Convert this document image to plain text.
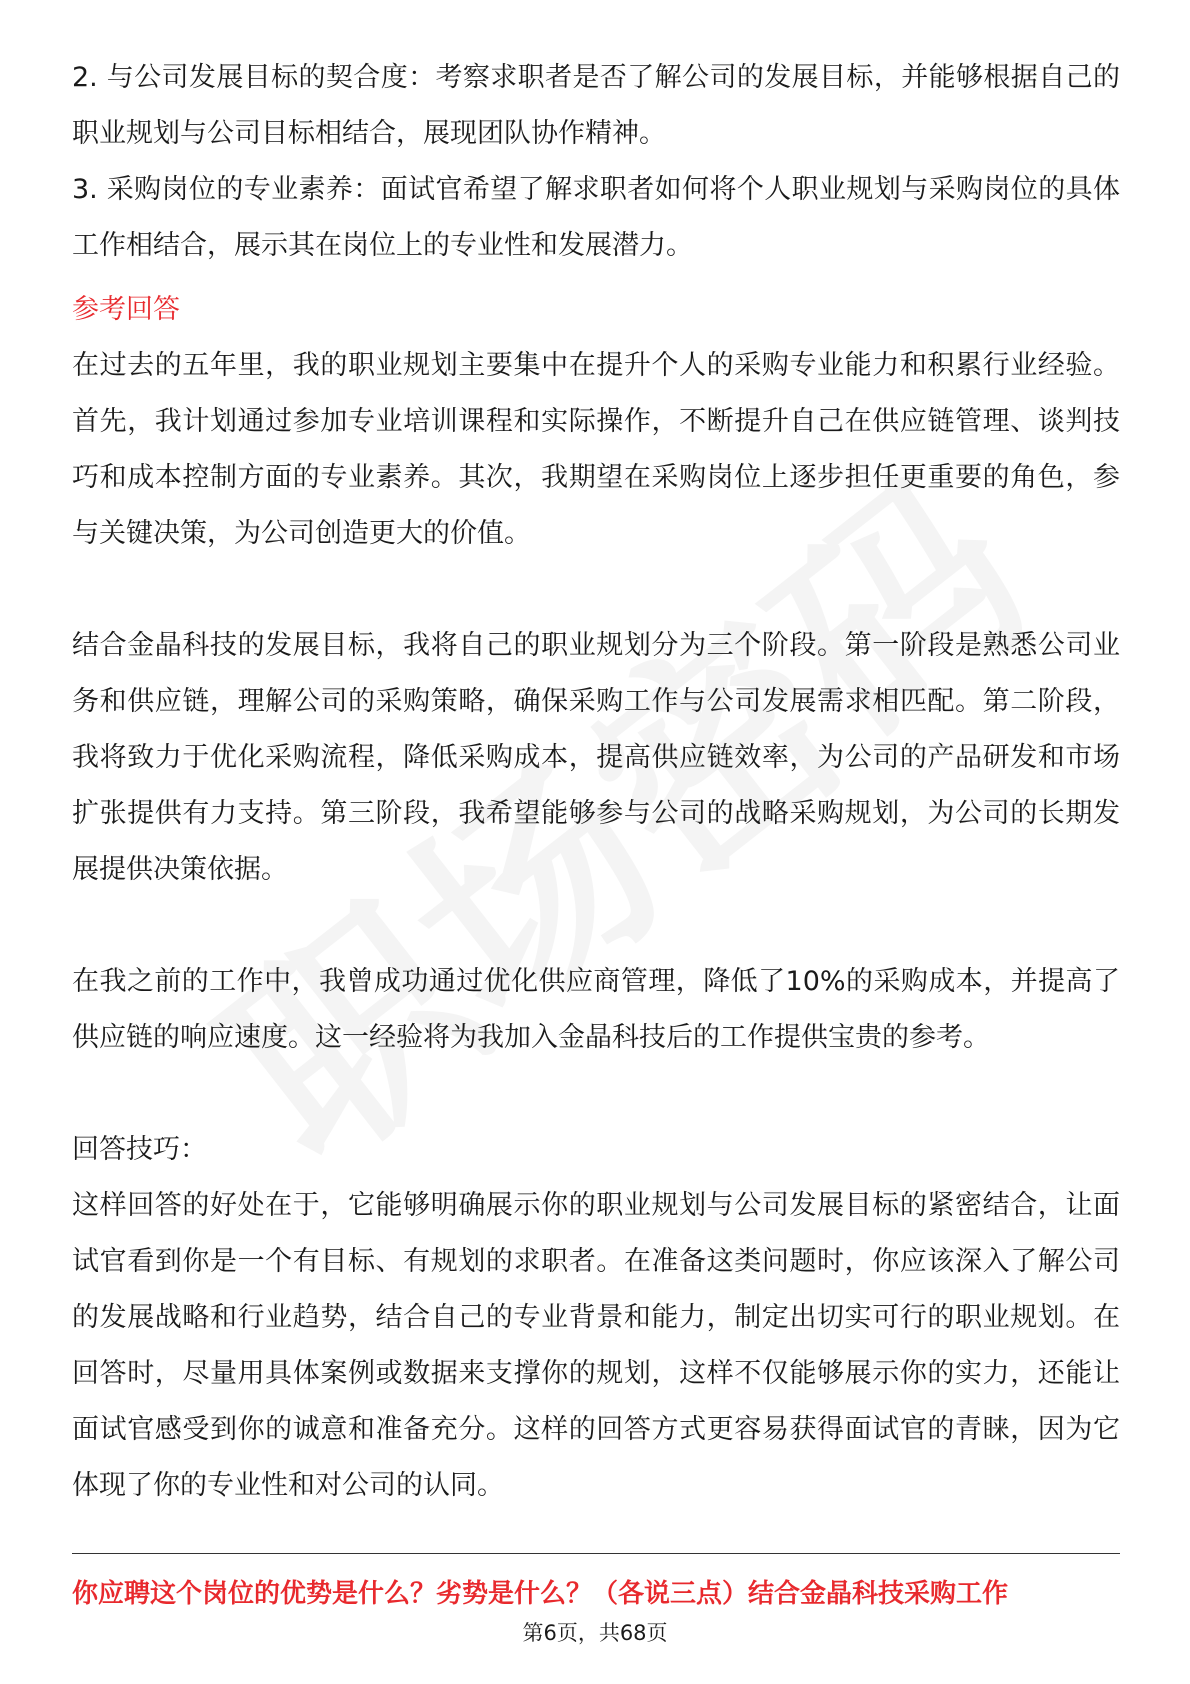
2. 与公司发展目标的契合度：考察求职者是否了解公司的发展目标，并能够根据自己的职业规划与公司目标相结合，展现团队协作精神。

3. 采购岗位的专业素养：面试官希望了解求职者如何将个人职业规划与采购岗位的具体工作相结合，展示其在岗位上的专业性和发展潜力。

参考回答

在过去的五年里，我的职业规划主要集中在提升个人的采购专业能力和积累行业经验。首先，我计划通过参加专业培训课程和实际操作，不断提升自己在供应链管理、谈判技巧和成本控制方面的专业素养。其次，我期望在采购岗位上逐步担任更重要的角色，参与关键决策，为公司创造更大的价值。

结合金晶科技的发展目标，我将自己的职业规划分为三个阶段。第一阶段是熟悉公司业务和供应链，理解公司的采购策略，确保采购工作与公司发展需求相匹配。第二阶段，我将致力于优化采购流程，降低采购成本，提高供应链效率，为公司的产品研发和市场扩张提供有力支持。第三阶段，我希望能够参与公司的战略采购规划，为公司的长期发展提供决策依据。

在我之前的工作中，我曾成功通过优化供应商管理，降低了10%的采购成本，并提高了供应链的响应速度。这一经验将为我加入金晶科技后的工作提供宝贵的参考。

回答技巧：

这样回答的好处在于，它能够明确展示你的职业规划与公司发展目标的紧密结合，让面试官看到你是一个有目标、有规划的求职者。在准备这类问题时，你应该深入了解公司的发展战略和行业趋势，结合自己的专业背景和能力，制定出切实可行的职业规划。在回答时，尽量用具体案例或数据来支撑你的规划，这样不仅能够展示你的实力，还能让面试官感受到你的诚意和准备充分。这样的回答方式更容易获得面试官的青睐，因为它体现了你的专业性和对公司的认同。

你应聘这个岗位的优势是什么？劣势是什么？（各说三点）结合金晶科技采购工作
第6页，共68页
